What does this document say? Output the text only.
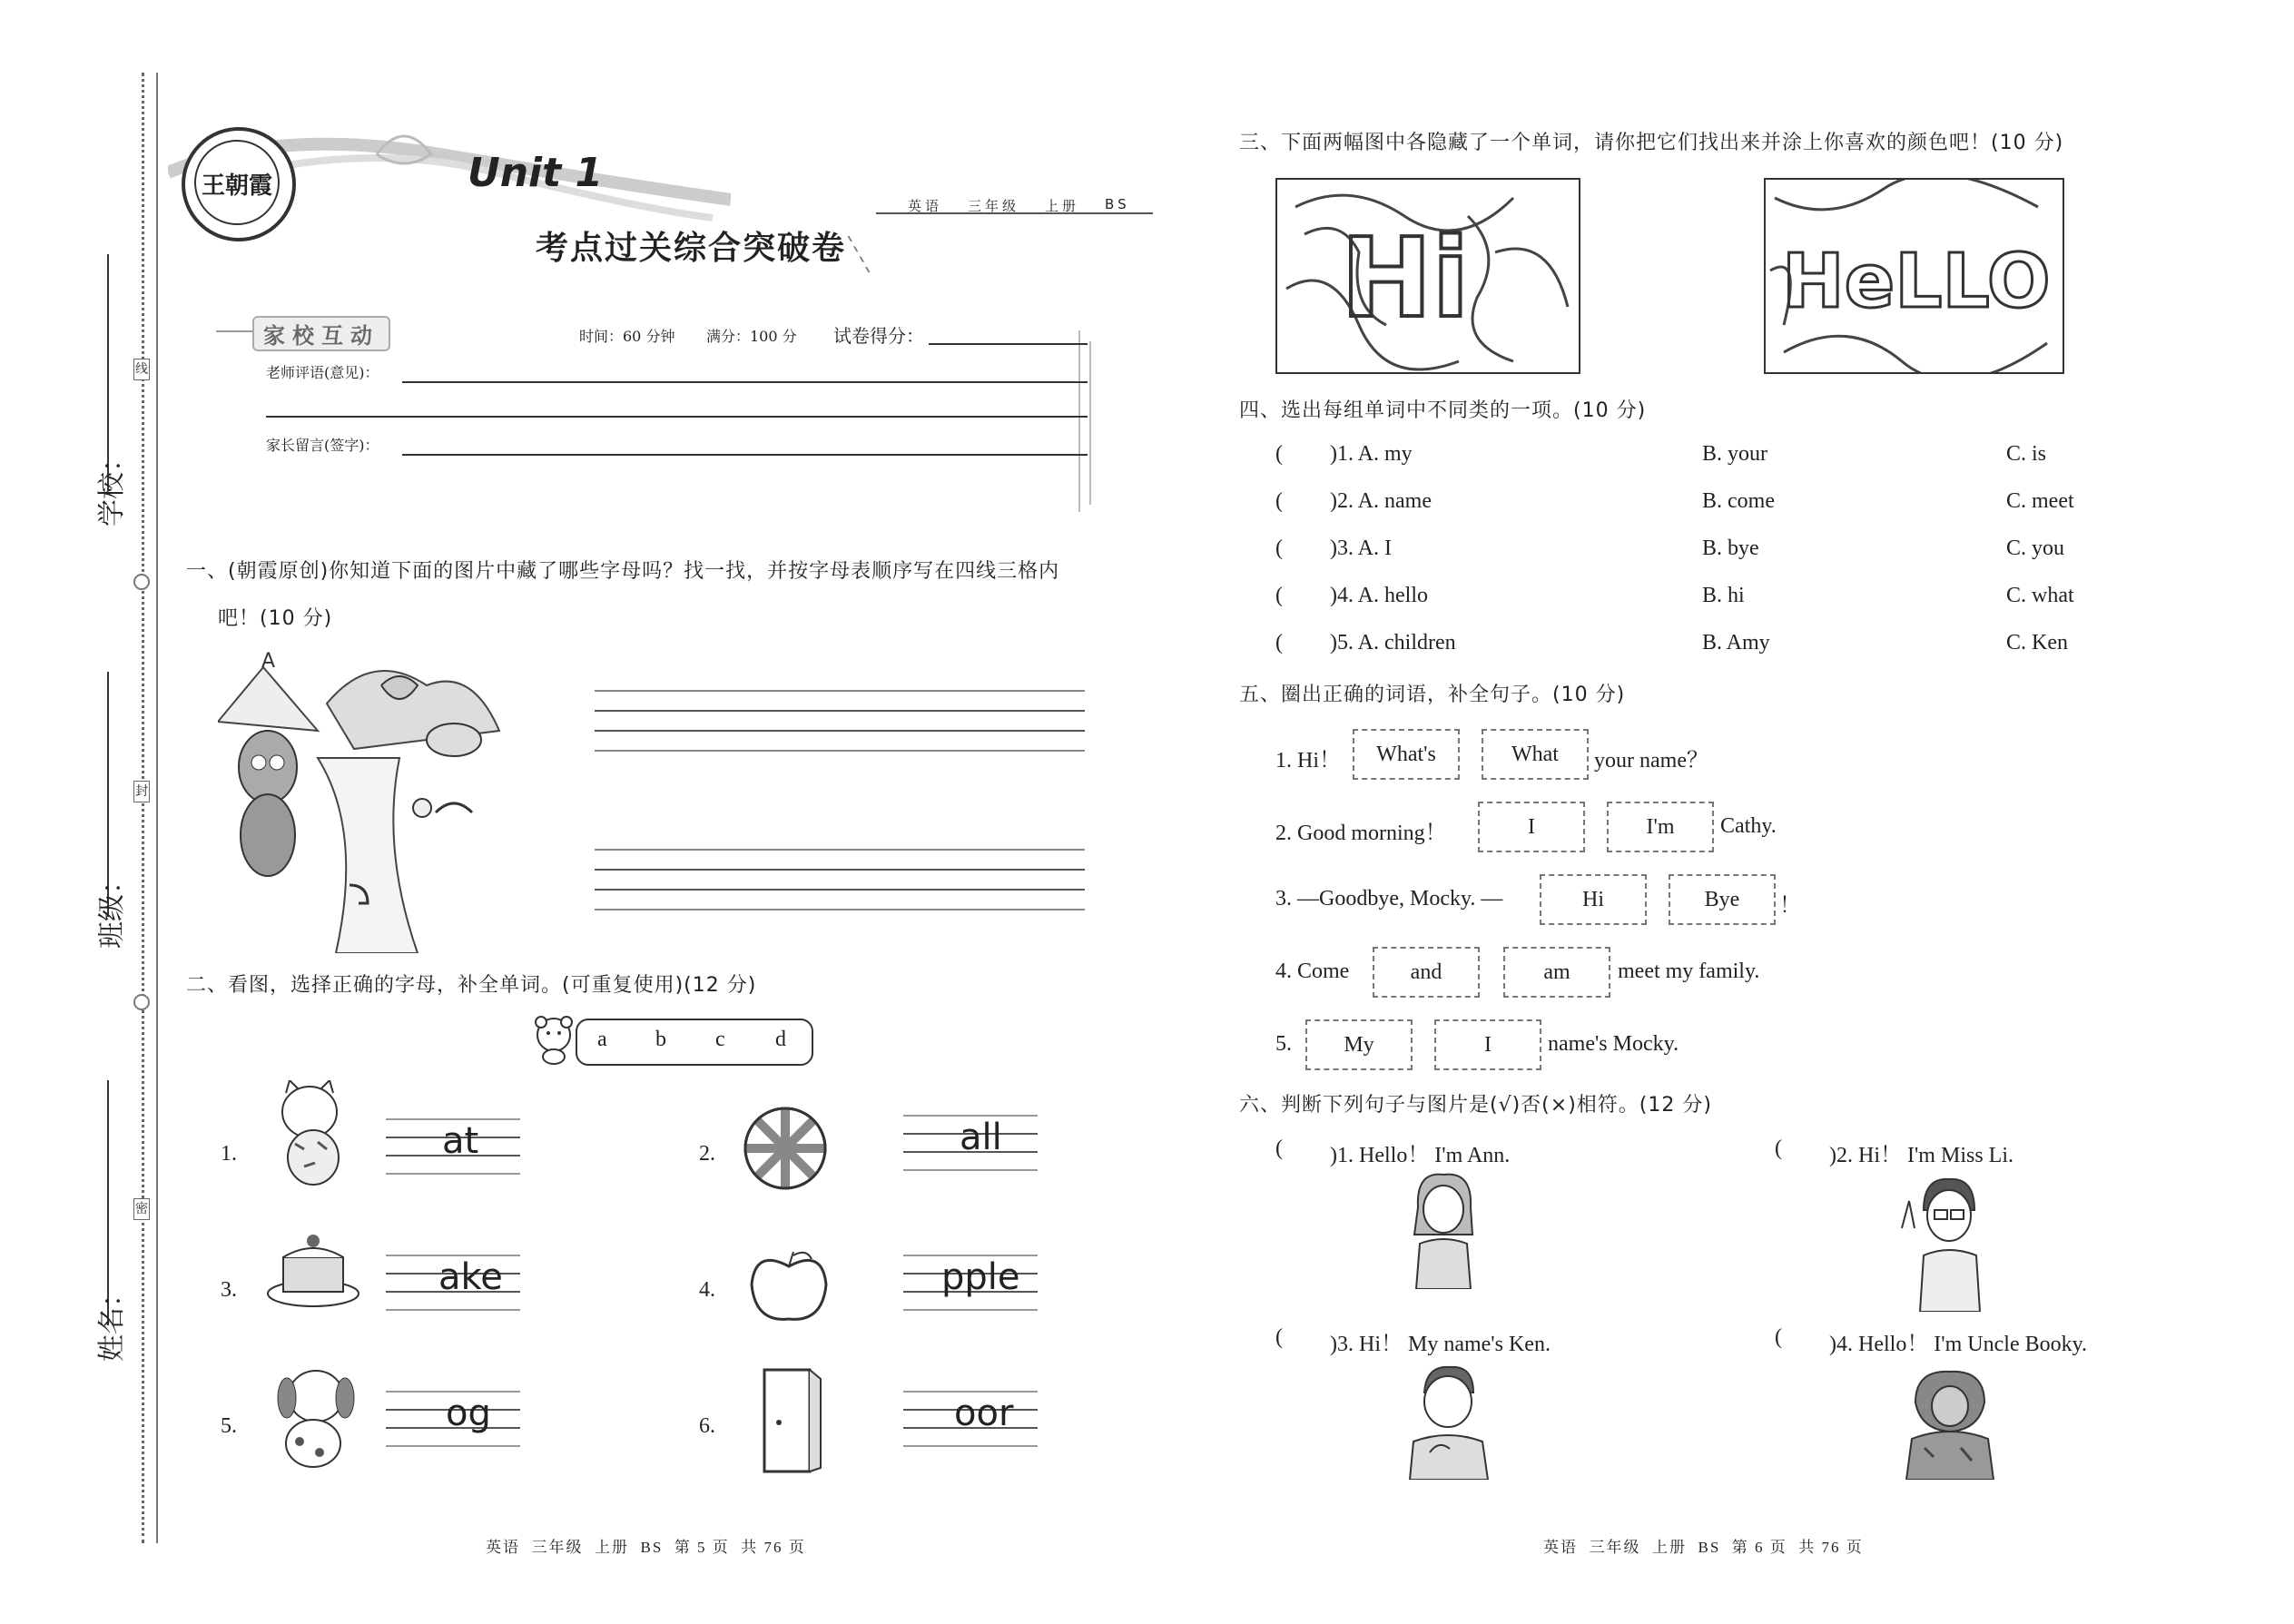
学校：
班级：
姓名：
线
封
密
王朝霞	Unit 1
考点过关综合突破卷
英语 三年级 上册 BS
家校互动	时间：60 分钟 满分：100 分 试卷得分：
老师评语(意见)：
家长留言(签字)：
一、(朝霞原创)你知道下面的图片中藏了哪些字母吗？找一找，并按字母表顺序写在四线三格内
吧！(10 分)
A
二、看图，选择正确的字母，补全单词。(可重复使用)(12 分)
a b c d
1.	at	2.	all
3.	ake	4.	pple
5.	og	6.	oor
三、下面两幅图中各隐藏了一个单词，请你把它们找出来并涂上你喜欢的颜色吧！(10 分)
Hi	HeLLO
四、选出每组单词中不同类的一项。(10 分)
( )1. A. my	B. your	C. is
( )2. A. name	B. come	C. meet
( )3. A. I	B. bye	C. you
( )4. A. hello	B. hi	C. what
( )5. A. children	B. Amy	C. Ken
五、圈出正确的词语，补全句子。(10 分)
1. Hi！	What's	What	your name？
2. Good morning！	I	I'm	Cathy.
3. —Goodbye, Mocky. —	Hi	Bye	！
4. Come	and	am	meet my family.
5.	My	I	name's Mocky.
六、判断下列句子与图片是(√)否(×)相符。(12 分)
( )1. Hello！ I'm Ann.	( )2. Hi！ I'm Miss Li.
( )3. Hi！ My name's Ken.	( )4. Hello！ I'm Uncle Booky.
英语  三年级  上册  BS  第 5 页  共 76 页	英语  三年级  上册  BS  第 6 页  共 76 页
